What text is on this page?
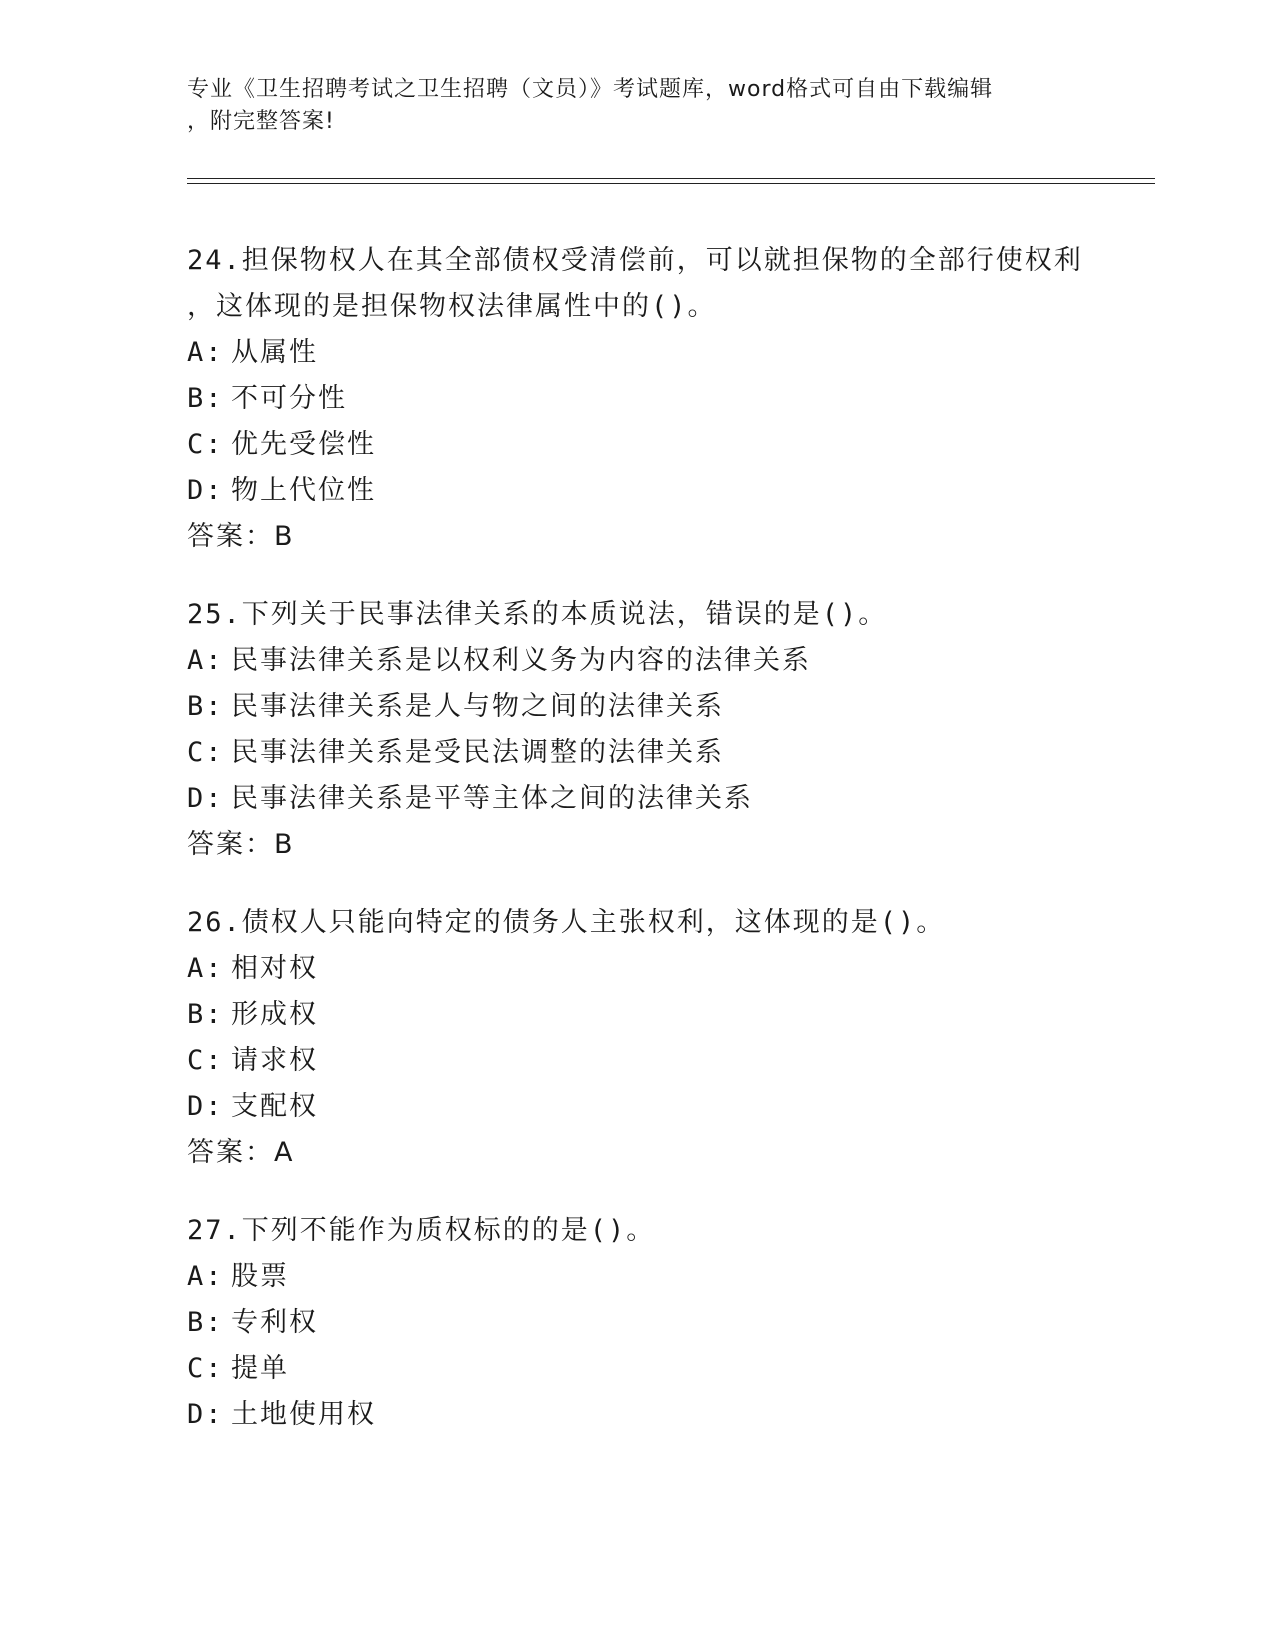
专业《卫生招聘考试之卫生招聘（文员）》考试题库，word格式可自由下载编辑
，附完整答案!
24.担保物权人在其全部债权受清偿前，可以就担保物的全部行使权利
，这体现的是担保物权法律属性中的()。
A: 从属性
B: 不可分性
C: 优先受偿性
D: 物上代位性
答案：B
25.下列关于民事法律关系的本质说法，错误的是()。
A: 民事法律关系是以权利义务为内容的法律关系
B: 民事法律关系是人与物之间的法律关系
C: 民事法律关系是受民法调整的法律关系
D: 民事法律关系是平等主体之间的法律关系
答案：B
26.债权人只能向特定的债务人主张权利，这体现的是()。
A: 相对权
B: 形成权
C: 请求权
D: 支配权
答案：A
27.下列不能作为质权标的的是()。
A: 股票
B: 专利权
C: 提单
D: 土地使用权
